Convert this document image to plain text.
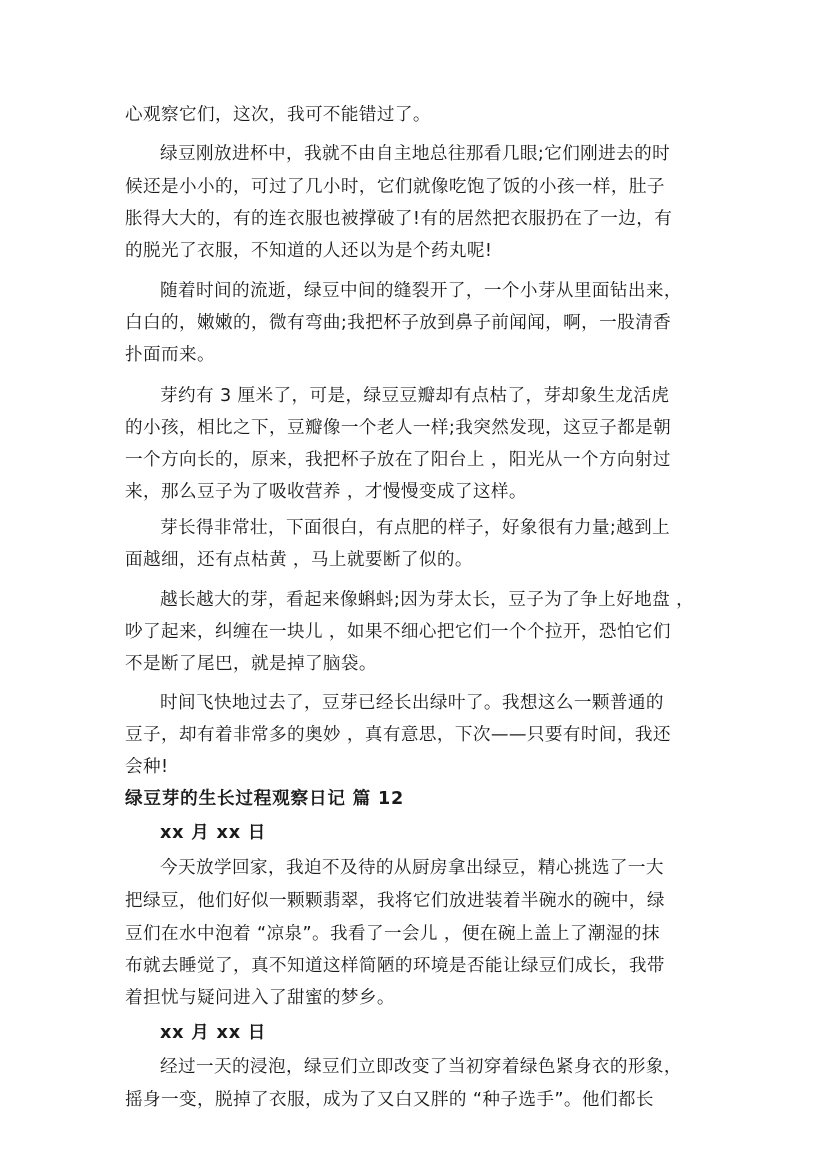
心观察它们，这次，我可不能错过了。
绿豆刚放进杯中，我就不由自主地总往那看几眼;它们刚进去的时
候还是小小的，可过了几小时，它们就像吃饱了饭的小孩一样，肚子
胀得大大的，有的连衣服也被撑破了!有的居然把衣服扔在了一边，有
的脱光了衣服，不知道的人还以为是个药丸呢!
随着时间的流逝，绿豆中间的缝裂开了，一个小芽从里面钻出来，
白白的，嫩嫩的，微有弯曲;我把杯子放到鼻子前闻闻，啊，一股清香
扑面而来。
芽约有 3 厘米了，可是，绿豆豆瓣却有点枯了，芽却象生龙活虎
的小孩，相比之下，豆瓣像一个老人一样;我突然发现，这豆子都是朝
一个方向长的，原来，我把杯子放在了阳台上 ，阳光从一个方向射过
来，那么豆子为了吸收营养 ，才慢慢变成了这样。
芽长得非常壮，下面很白，有点肥的样子，好象很有力量;越到上
面越细，还有点枯黄 ，马上就要断了似的。
越长越大的芽，看起来像蝌蚪;因为芽太长，豆子为了争上好地盘 ，
吵了起来，纠缠在一块儿 ，如果不细心把它们一个个拉开，恐怕它们
不是断了尾巴，就是掉了脑袋。
时间飞快地过去了，豆芽已经长出绿叶了。我想这么一颗普通的
豆子，却有着非常多的奥妙 ，真有意思，下次——只要有时间，我还
会种!
绿豆芽的生长过程观察日记 篇 12
xx 月 xx 日
今天放学回家，我迫不及待的从厨房拿出绿豆，精心挑选了一大
把绿豆，他们好似一颗颗翡翠，我将它们放进装着半碗水的碗中，绿
豆们在水中泡着 “凉泉”。我看了一会儿 ，便在碗上盖上了潮湿的抹
布就去睡觉了，真不知道这样简陋的环境是否能让绿豆们成长，我带
着担忧与疑问进入了甜蜜的梦乡。
xx 月 xx 日
经过一天的浸泡，绿豆们立即改变了当初穿着绿色紧身衣的形象，
摇身一变，脱掉了衣服，成为了又白又胖的 “种子选手”。他们都长
